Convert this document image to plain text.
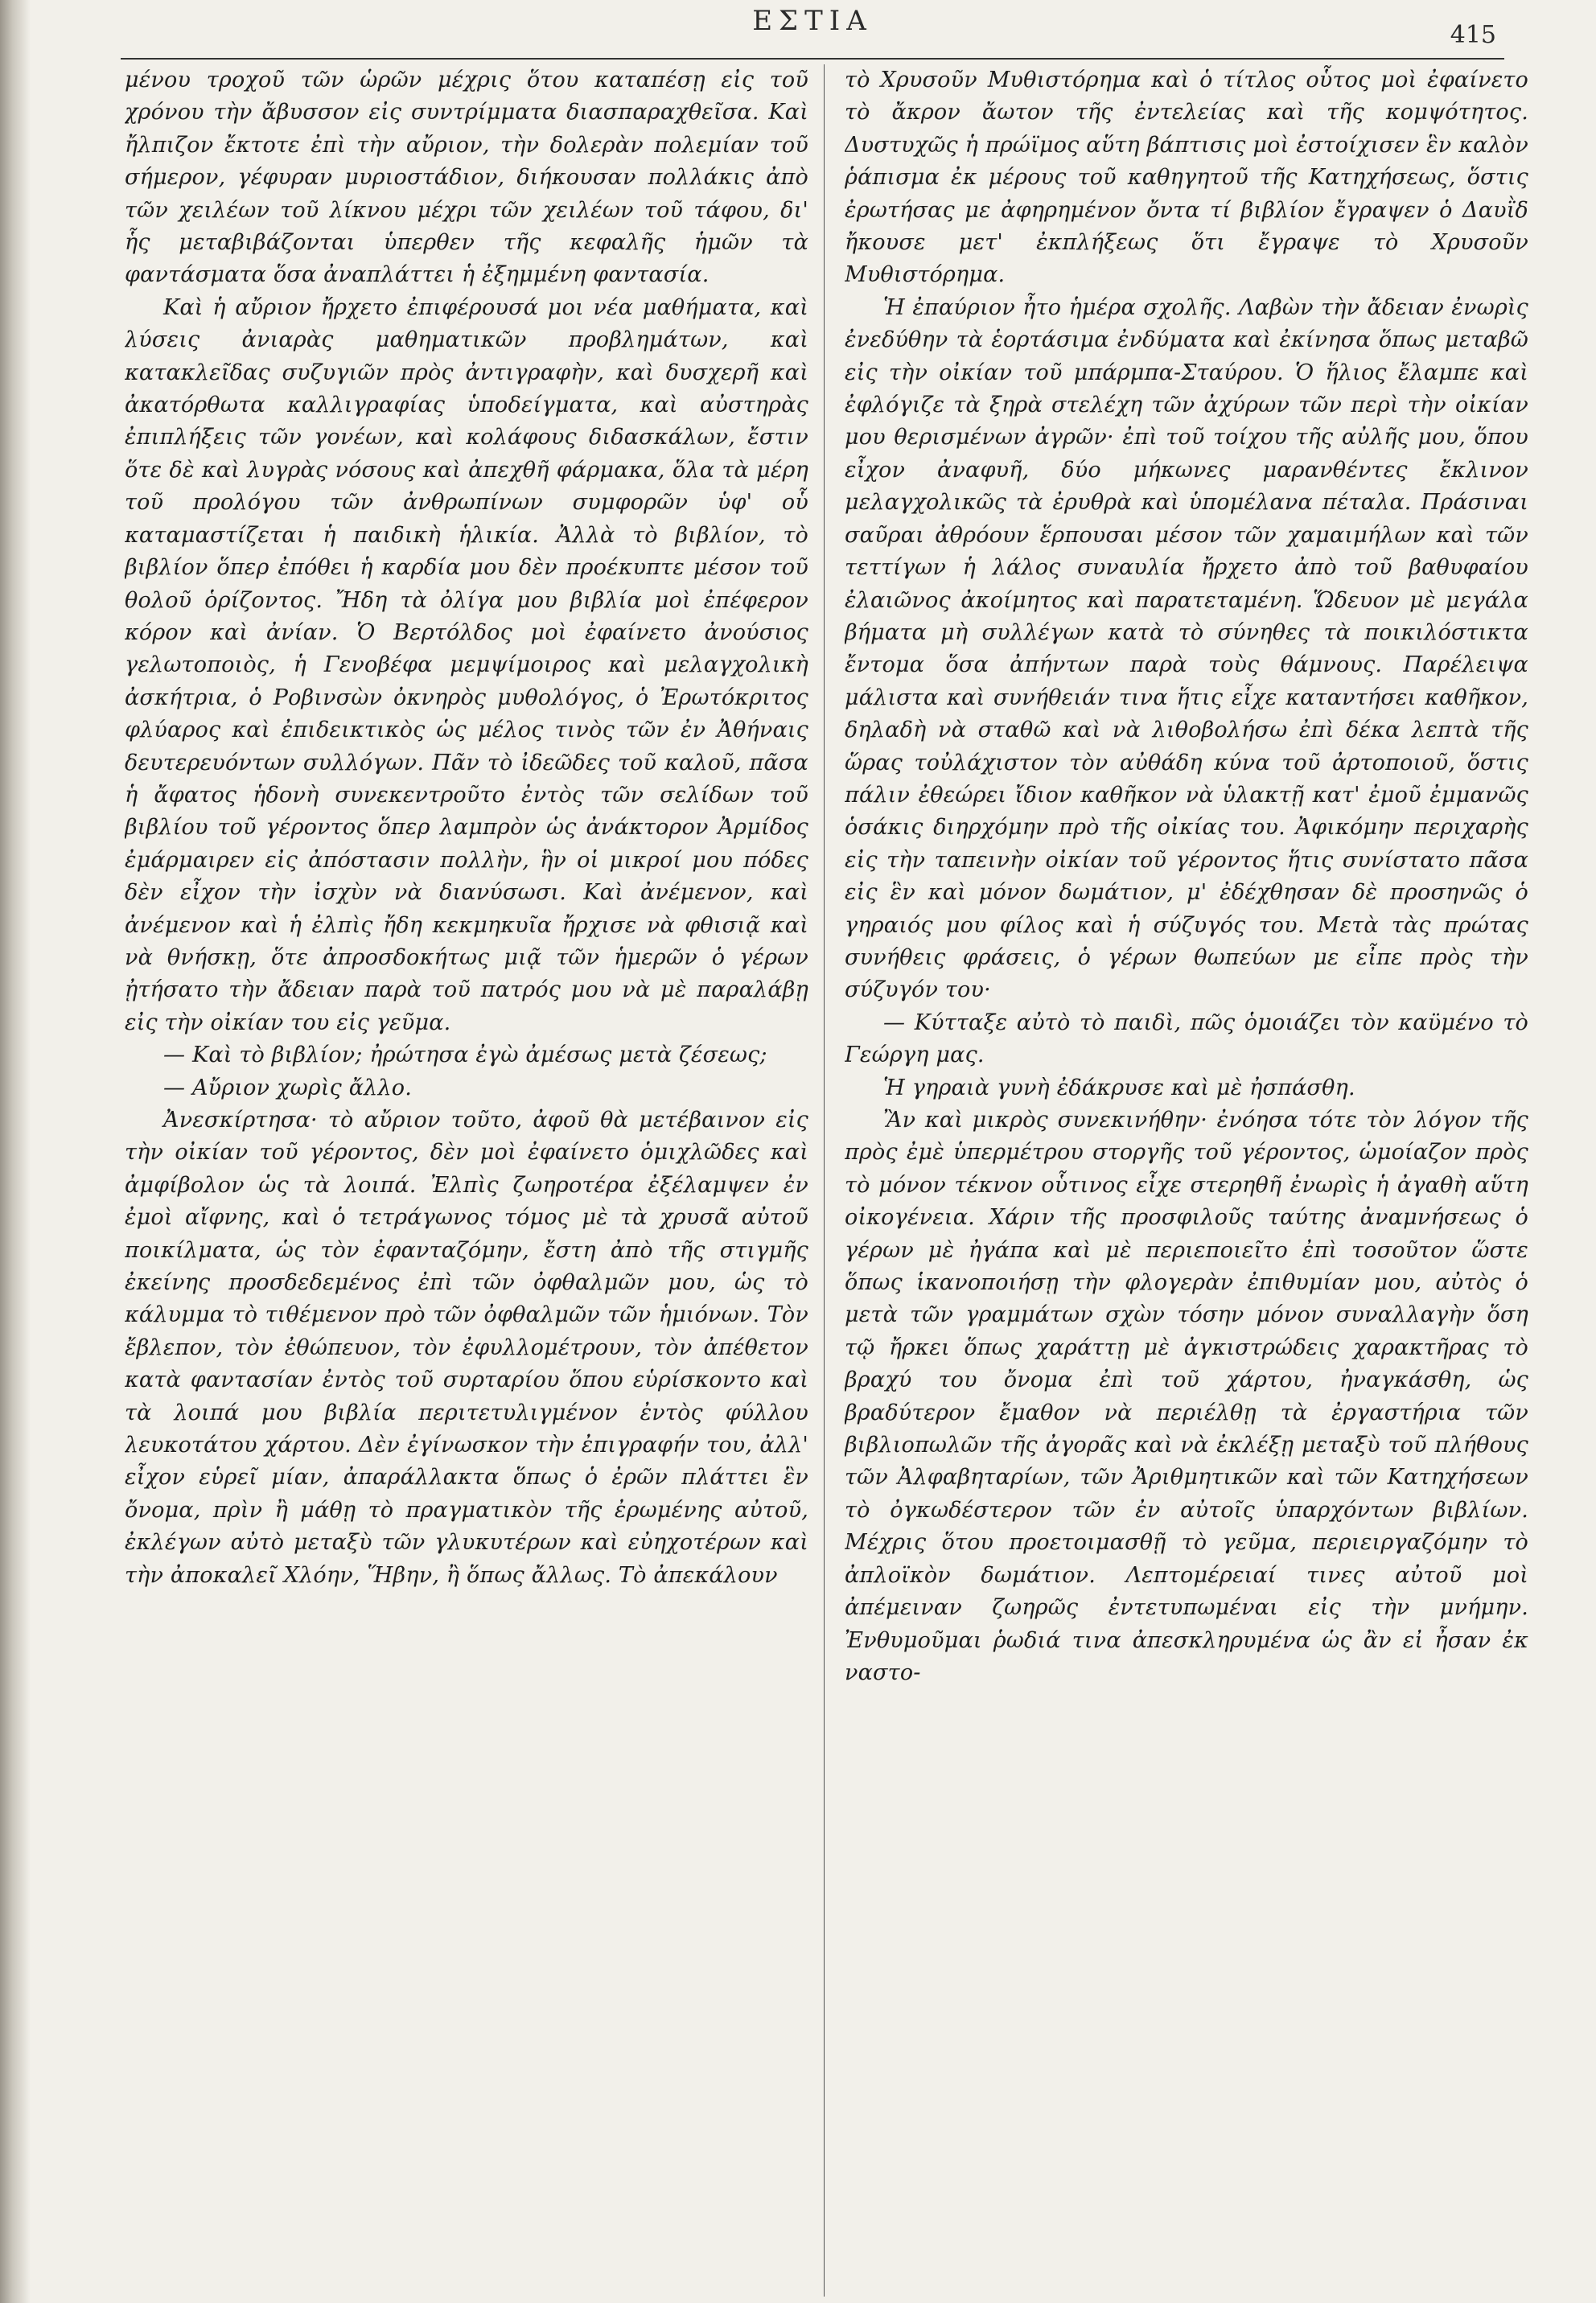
ΕΣΤΙΑ	415

μένου τροχοῦ τῶν ὡρῶν μέχρις ὅτου καταπέσῃ εἰς τοῦ χρόνου τὴν ἄβυσσον εἰς συντρίμματα διασπαραχθεῖσα. Καὶ ἤλπιζον ἔκτοτε ἐπὶ τὴν αὔριον, τὴν δολερὰν πολεμίαν τοῦ σήμερον, γέφυραν μυριοστάδιον, διήκουσαν πολλάκις ἀπὸ τῶν χειλέων τοῦ λίκνου μέχρι τῶν χειλέων τοῦ τάφου, δι' ἧς μεταβιβάζονται ὑπερθεν τῆς κεφαλῆς ἡμῶν τὰ φαντάσματα ὅσα ἀναπλάττει ἡ ἐξημμένη φαντασία.

Καὶ ἡ αὔριον ἤρχετο ἐπιφέρουσά μοι νέα μαθήματα, καὶ λύσεις ἀνιαρὰς μαθηματικῶν προβλημάτων, καὶ κατακλεῖδας συζυγιῶν πρὸς ἀντιγραφὴν, καὶ δυσχερῆ καὶ ἀκατόρθωτα καλλιγραφίας ὑποδείγματα, καὶ αὐστηρὰς ἐπιπλήξεις τῶν γονέων, καὶ κολάφους διδασκάλων, ἔστιν ὅτε δὲ καὶ λυγρὰς νόσους καὶ ἀπεχθῆ φάρμακα, ὅλα τὰ μέρη τοῦ προλόγου τῶν ἀνθρωπίνων συμφορῶν ὑφ' οὗ καταμαστίζεται ἡ παιδικὴ ἡλικία. Ἀλλὰ τὸ βιβλίον, τὸ βιβλίον ὅπερ ἐπόθει ἡ καρδία μου δὲν προέκυπτε μέσον τοῦ θολοῦ ὁρίζοντος. Ἤδη τὰ ὀλίγα μου βιβλία μοὶ ἐπέφερον κόρον καὶ ἀνίαν. Ὁ Βερτόλδος μοὶ ἐφαίνετο ἀνούσιος γελωτοποιὸς, ἡ Γενοβέφα μεμψίμοιρος καὶ μελαγχολικὴ ἀσκήτρια, ὁ Ροβινσὼν ὀκνηρὸς μυθολόγος, ὁ Ἐρωτόκριτος φλύαρος καὶ ἐπιδεικτικὸς ὡς μέλος τινὸς τῶν ἐν Ἀθήναις δευτερευόντων συλλόγων. Πᾶν τὸ ἰδεῶδες τοῦ καλοῦ, πᾶσα ἡ ἄφατος ἡδονὴ συνεκεντροῦτο ἐντὸς τῶν σελίδων τοῦ βιβλίου τοῦ γέροντος ὅπερ λαμπρὸν ὡς ἀνάκτορον Ἀρμίδος ἐμάρμαιρεν εἰς ἀπόστασιν πολλὴν, ἣν οἱ μικροί μου πόδες δὲν εἶχον τὴν ἰσχὺν νὰ διανύσωσι. Καὶ ἀνέμενον, καὶ ἀνέμενον καὶ ἡ ἐλπὶς ἤδη κεκμηκυῖα ἤρχισε νὰ φθισιᾷ καὶ νὰ θνήσκῃ, ὅτε ἀπροσδοκήτως μιᾷ τῶν ἡμερῶν ὁ γέρων ᾐτήσατο τὴν ἄδειαν παρὰ τοῦ πατρός μου νὰ μὲ παραλάβῃ εἰς τὴν οἰκίαν του εἰς γεῦμα.

— Καὶ τὸ βιβλίον; ἠρώτησα ἐγὼ ἀμέσως μετὰ ζέσεως;

— Αὔριον χωρὶς ἄλλο.

Ἀνεσκίρτησα· τὸ αὔριον τοῦτο, ἀφοῦ θὰ μετέβαινον εἰς τὴν οἰκίαν τοῦ γέροντος, δὲν μοὶ ἐφαίνετο ὁμιχλῶδες καὶ ἀμφίβολον ὡς τὰ λοιπά. Ἐλπὶς ζωηροτέρα ἐξέλαμψεν ἐν ἐμοὶ αἴφνης, καὶ ὁ τετράγωνος τόμος μὲ τὰ χρυσᾶ αὐτοῦ ποικίλματα, ὡς τὸν ἐφανταζόμην, ἔστη ἀπὸ τῆς στιγμῆς ἐκείνης προσδεδεμένος ἐπὶ τῶν ὀφθαλμῶν μου, ὡς τὸ κάλυμμα τὸ τιθέμενον πρὸ τῶν ὀφθαλμῶν τῶν ἡμιόνων. Τὸν ἔβλεπον, τὸν ἐθώπευον, τὸν ἐφυλλομέτρουν, τὸν ἀπέθετον κατὰ φαντασίαν ἐντὸς τοῦ συρταρίου ὅπου εὑρίσκοντο καὶ τὰ λοιπά μου βιβλία περιτετυλιγμένον ἐντὸς φύλλου λευκοτάτου χάρτου. Δὲν ἐγίνωσκον τὴν ἐπιγραφήν του, ἀλλ' εἶχον εὑρεῖ μίαν, ἀπαράλλακτα ὅπως ὁ ἐρῶν πλάττει ἓν ὄνομα, πρὶν ἢ μάθῃ τὸ πραγματικὸν τῆς ἐρωμένης αὐτοῦ, ἐκλέγων αὐτὸ μεταξὺ τῶν γλυκυτέρων καὶ εὐηχοτέρων καὶ τὴν ἀποκαλεῖ Χλόην, Ἥβην, ἢ ὅπως ἄλλως. Τὸ ἀπεκάλουν

τὸ Χρυσοῦν Μυθιστόρημα καὶ ὁ τίτλος οὗτος μοὶ ἐφαίνετο τὸ ἄκρον ἄωτον τῆς ἐντελείας καὶ τῆς κομψότητος. Δυστυχῶς ἡ πρώϊμος αὕτη βάπτισις μοὶ ἐστοίχισεν ἓν καλὸν ῥάπισμα ἐκ μέρους τοῦ καθηγητοῦ τῆς Κατηχήσεως, ὅστις ἐρωτήσας με ἀφηρημένον ὄντα τί βιβλίον ἔγραψεν ὁ Δαυῒδ ἤκουσε μετ' ἐκπλήξεως ὅτι ἔγραψε τὸ Χρυσοῦν Μυθιστόρημα.

Ἡ ἐπαύριον ἦτο ἡμέρα σχολῆς. Λαβὼν τὴν ἄδειαν ἐνωρὶς ἐνεδύθην τὰ ἑορτάσιμα ἐνδύματα καὶ ἐκίνησα ὅπως μεταβῶ εἰς τὴν οἰκίαν τοῦ μπάρμπα-Σταύρου. Ὁ ἥλιος ἔλαμπε καὶ ἐφλόγιζε τὰ ξηρὰ στελέχη τῶν ἀχύρων τῶν περὶ τὴν οἰκίαν μου θερισμένων ἀγρῶν· ἐπὶ τοῦ τοίχου τῆς αὐλῆς μου, ὅπου εἶχον ἀναφυῆ, δύο μήκωνες μαρανθέντες ἔκλινον μελαγχολικῶς τὰ ἐρυθρὰ καὶ ὑπομέλανα πέταλα. Πράσιναι σαῦραι ἀθρόουν ἕρπουσαι μέσον τῶν χαμαιμήλων καὶ τῶν τεττίγων ἡ λάλος συναυλία ἤρχετο ἀπὸ τοῦ βαθυφαίου ἐλαιῶνος ἀκοίμητος καὶ παρατεταμένη. Ὥδευον μὲ μεγάλα βήματα μὴ συλλέγων κατὰ τὸ σύνηθες τὰ ποικιλόστικτα ἔντομα ὅσα ἀπήντων παρὰ τοὺς θάμνους. Παρέλειψα μάλιστα καὶ συνήθειάν τινα ἥτις εἶχε καταντήσει καθῆκον, δηλαδὴ νὰ σταθῶ καὶ νὰ λιθοβολήσω ἐπὶ δέκα λεπτὰ τῆς ὥρας τοὐλάχιστον τὸν αὐθάδη κύνα τοῦ ἀρτοποιοῦ, ὅστις πάλιν ἐθεώρει ἴδιον καθῆκον νὰ ὑλακτῇ κατ' ἐμοῦ ἐμμανῶς ὁσάκις διηρχόμην πρὸ τῆς οἰκίας του. Ἀφικόμην περιχαρὴς εἰς τὴν ταπεινὴν οἰκίαν τοῦ γέροντος ἥτις συνίστατο πᾶσα εἰς ἓν καὶ μόνον δωμάτιον, μ' ἐδέχθησαν δὲ προσηνῶς ὁ γηραιός μου φίλος καὶ ἡ σύζυγός του. Μετὰ τὰς πρώτας συνήθεις φράσεις, ὁ γέρων θωπεύων με εἶπε πρὸς τὴν σύζυγόν του·

— Κύτταξε αὐτὸ τὸ παιδὶ, πῶς ὁμοιάζει τὸν καϋμένο τὸ Γεώργη μας.

Ἡ γηραιὰ γυνὴ ἐδάκρυσε καὶ μὲ ἠσπάσθη.

Ἂν καὶ μικρὸς συνεκινήθην· ἐνόησα τότε τὸν λόγον τῆς πρὸς ἐμὲ ὑπερμέτρου στοργῆς τοῦ γέροντος, ὡμοίαζον πρὸς τὸ μόνον τέκνον οὗτινος εἶχε στερηθῆ ἐνωρὶς ἡ ἀγαθὴ αὕτη οἰκογένεια. Χάριν τῆς προσφιλοῦς ταύτης ἀναμνήσεως ὁ γέρων μὲ ἠγάπα καὶ μὲ περιεποιεῖτο ἐπὶ τοσοῦτον ὥστε ὅπως ἱκανοποιήσῃ τὴν φλογερὰν ἐπιθυμίαν μου, αὐτὸς ὁ μετὰ τῶν γραμμάτων σχὼν τόσην μόνον συναλλαγὴν ὅση τῷ ἤρκει ὅπως χαράττῃ μὲ ἀγκιστρώδεις χαρακτῆρας τὸ βραχύ του ὄνομα ἐπὶ τοῦ χάρτου, ἠναγκάσθη, ὡς βραδύτερον ἔμαθον νὰ περιέλθῃ τὰ ἐργαστήρια τῶν βιβλιοπωλῶν τῆς ἀγορᾶς καὶ νὰ ἐκλέξῃ μεταξὺ τοῦ πλήθους τῶν Ἀλφαβηταρίων, τῶν Ἀριθμητικῶν καὶ τῶν Κατηχήσεων τὸ ὀγκωδέστερον τῶν ἐν αὐτοῖς ὑπαρχόντων βιβλίων. Μέχρις ὅτου προετοιμασθῇ τὸ γεῦμα, περιειργαζόμην τὸ ἀπλοϊκὸν δωμάτιον. Λεπτομέρειαί τινες αὐτοῦ μοὶ ἀπέμειναν ζωηρῶς ἐντετυπωμέναι εἰς τὴν μνήμην. Ἐνθυμοῦμαι ῥωδιά τινα ἀπεσκληρυμένα ὡς ἂν εἰ ἦσαν ἐκ ναστο-
